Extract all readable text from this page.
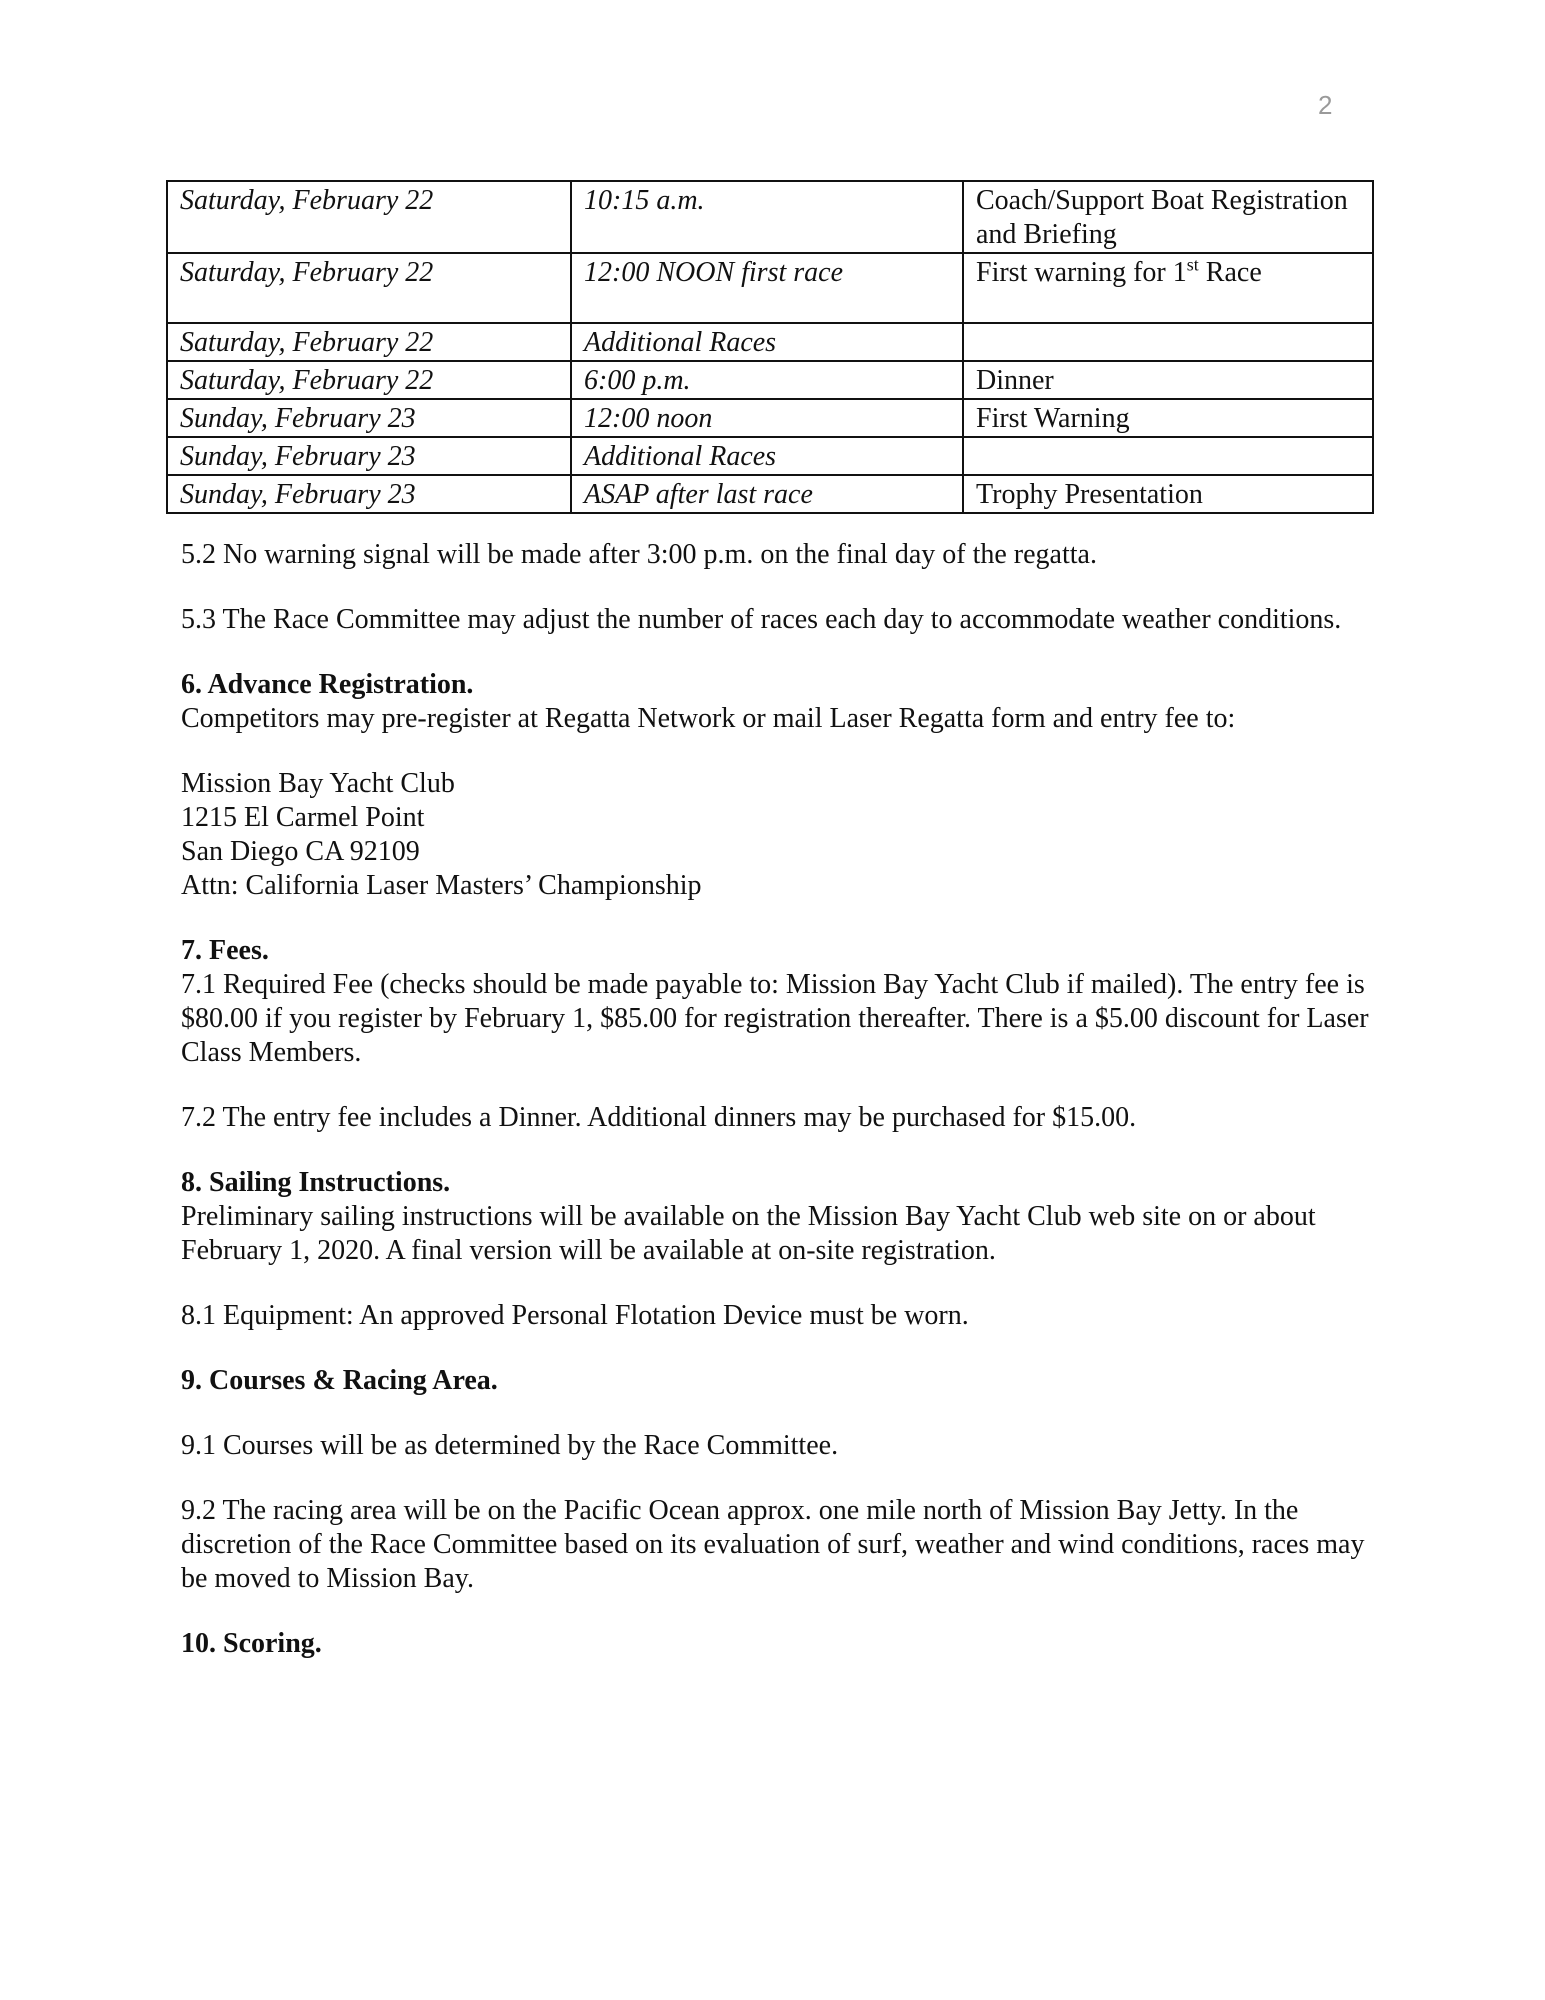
2
Saturday, February 22	10:15 a.m.	Coach/Support Boat Registration and Briefing
Saturday, February 22	12:00 NOON first race	First warning for 1st Race
Saturday, February 22	Additional Races	
Saturday, February 22	6:00 p.m.	Dinner
Sunday, February 23	12:00 noon	First Warning
Sunday, February 23	Additional Races	
Sunday, February 23	ASAP after last race	Trophy Presentation

5.2 No warning signal will be made after 3:00 p.m. on the final day of the regatta.

5.3 The Race Committee may adjust the number of races each day to accommodate weather conditions.

6. Advance Registration.

Competitors may pre-register at Regatta Network or mail Laser Regatta form and entry fee to:

Mission Bay Yacht Club

1215 El Carmel Point

San Diego CA 92109

Attn: California Laser Masters’ Championship

7. Fees.

7.1 Required Fee (checks should be made payable to: Mission Bay Yacht Club if mailed). The entry fee is $80.00 if you register by February 1, $85.00 for registration thereafter. There is a $5.00 discount for Laser Class Members.

7.2 The entry fee includes a Dinner. Additional dinners may be purchased for $15.00.

8. Sailing Instructions.

Preliminary sailing instructions will be available on the Mission Bay Yacht Club web site on or about February 1, 2020. A final version will be available at on-site registration.

8.1 Equipment: An approved Personal Flotation Device must be worn.

9. Courses & Racing Area.

9.1 Courses will be as determined by the Race Committee.

9.2 The racing area will be on the Pacific Ocean approx. one mile north of Mission Bay Jetty. In the discretion of the Race Committee based on its evaluation of surf, weather and wind conditions, races may be moved to Mission Bay.

10. Scoring.
